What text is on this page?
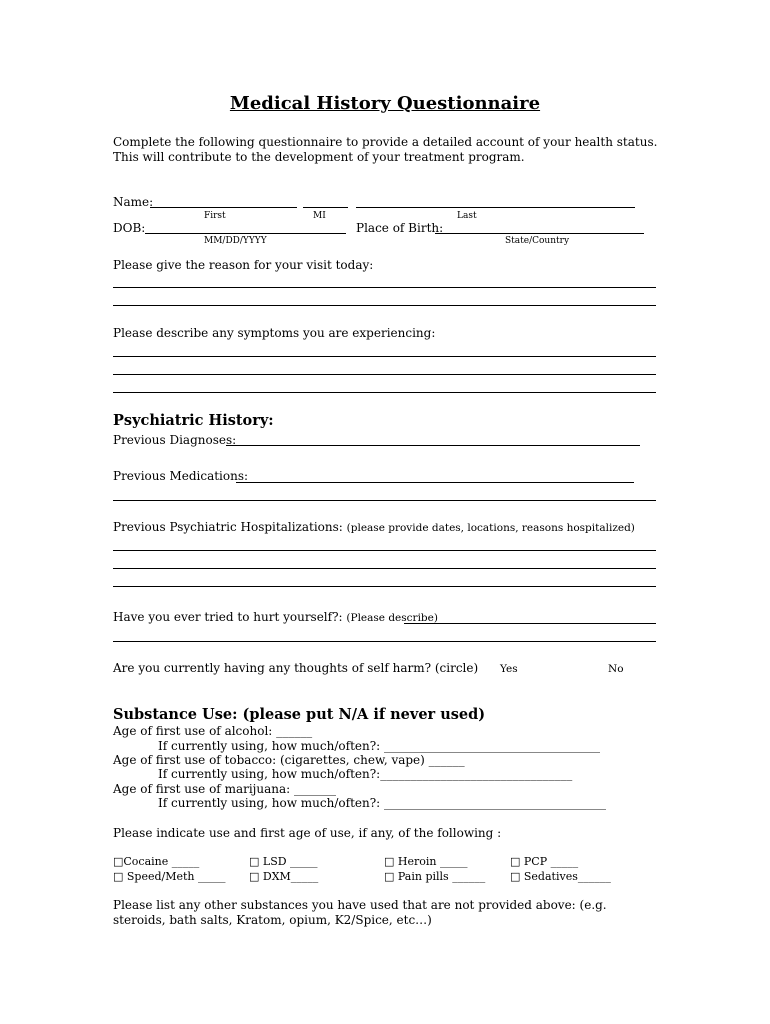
Medical History Questionnaire
Complete the following questionnaire to provide a detailed account of your health status. This will contribute to the development of your treatment program.
Name:
First	MI	Last
DOB:
MM/DD/YYYY
Place of Birth:
State/Country
Please give the reason for your visit today:
Please describe any symptoms you are experiencing:
Psychiatric History:
Previous Diagnoses:
Previous Medications:
Previous Psychiatric Hospitalizations: (please provide dates, locations, reasons hospitalized)
Have you ever tried to hurt yourself?: (Please describe)
Are you currently having any thoughts of self harm? (circle) Yes	No
Substance Use: (please put N/A if never used)
Age of first use of alcohol: ______
If currently using, how much/often?: ____________________________________
Age of first use of tobacco: (cigarettes, chew, vape) ______
If currently using, how much/often?:________________________________
Age of first use of marijuana: _______
If currently using, how much/often?: _____________________________________
Please indicate use and first age of use, if any, of the following :
□Cocaine _____	□ LSD _____	□ Heroin _____	□ PCP _____
□ Speed/Meth _____ □ DXM_____	□ Pain pills ______ □ Sedatives______
Please list any other substances you have used that are not provided above: (e.g. steroids, bath salts, Kratom, opium, K2/Spice, etc…)
